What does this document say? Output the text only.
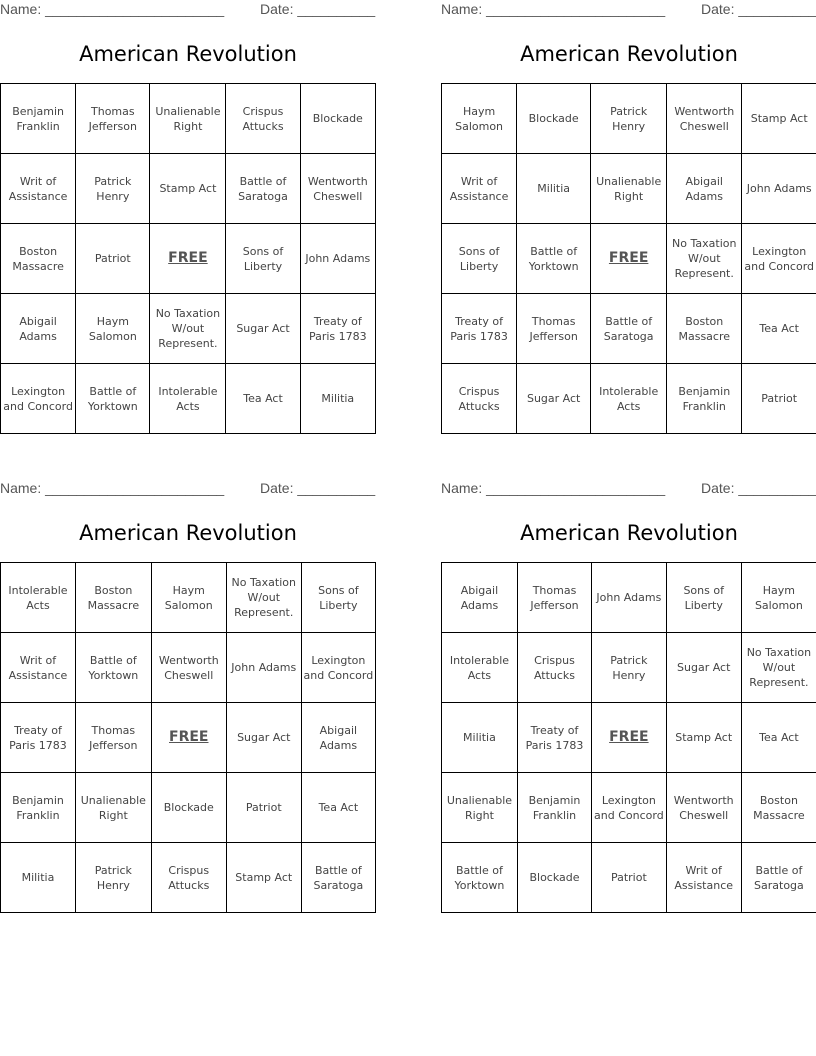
Name: _______________________	Date: __________
American Revolution
Benjamin Franklin	Thomas Jefferson	Unalienable Right	Crispus Attucks	Blockade
Writ of Assistance	Patrick Henry	Stamp Act	Battle of Saratoga	Wentworth Cheswell
Boston Massacre	Patriot	FREE	Sons of Liberty	John Adams
Abigail Adams	Haym Salomon	No Taxation W/out Represent.	Sugar Act	Treaty of Paris 1783
Lexington and Concord	Battle of Yorktown	Intolerable Acts	Tea Act	Militia
Name: _______________________	Date: __________
American Revolution
Haym Salomon	Blockade	Patrick Henry	Wentworth Cheswell	Stamp Act
Writ of Assistance	Militia	Unalienable Right	Abigail Adams	John Adams
Sons of Liberty	Battle of Yorktown	FREE	No Taxation W/out Represent.	Lexington and Concord
Treaty of Paris 1783	Thomas Jefferson	Battle of Saratoga	Boston Massacre	Tea Act
Crispus Attucks	Sugar Act	Intolerable Acts	Benjamin Franklin	Patriot
Name: _______________________	Date: __________
American Revolution
Intolerable Acts	Boston Massacre	Haym Salomon	No Taxation W/out Represent.	Sons of Liberty
Writ of Assistance	Battle of Yorktown	Wentworth Cheswell	John Adams	Lexington and Concord
Treaty of Paris 1783	Thomas Jefferson	FREE	Sugar Act	Abigail Adams
Benjamin Franklin	Unalienable Right	Blockade	Patriot	Tea Act
Militia	Patrick Henry	Crispus Attucks	Stamp Act	Battle of Saratoga
Name: _______________________	Date: __________
American Revolution
Abigail Adams	Thomas Jefferson	John Adams	Sons of Liberty	Haym Salomon
Intolerable Acts	Crispus Attucks	Patrick Henry	Sugar Act	No Taxation W/out Represent.
Militia	Treaty of Paris 1783	FREE	Stamp Act	Tea Act
Unalienable Right	Benjamin Franklin	Lexington and Concord	Wentworth Cheswell	Boston Massacre
Battle of Yorktown	Blockade	Patriot	Writ of Assistance	Battle of Saratoga
